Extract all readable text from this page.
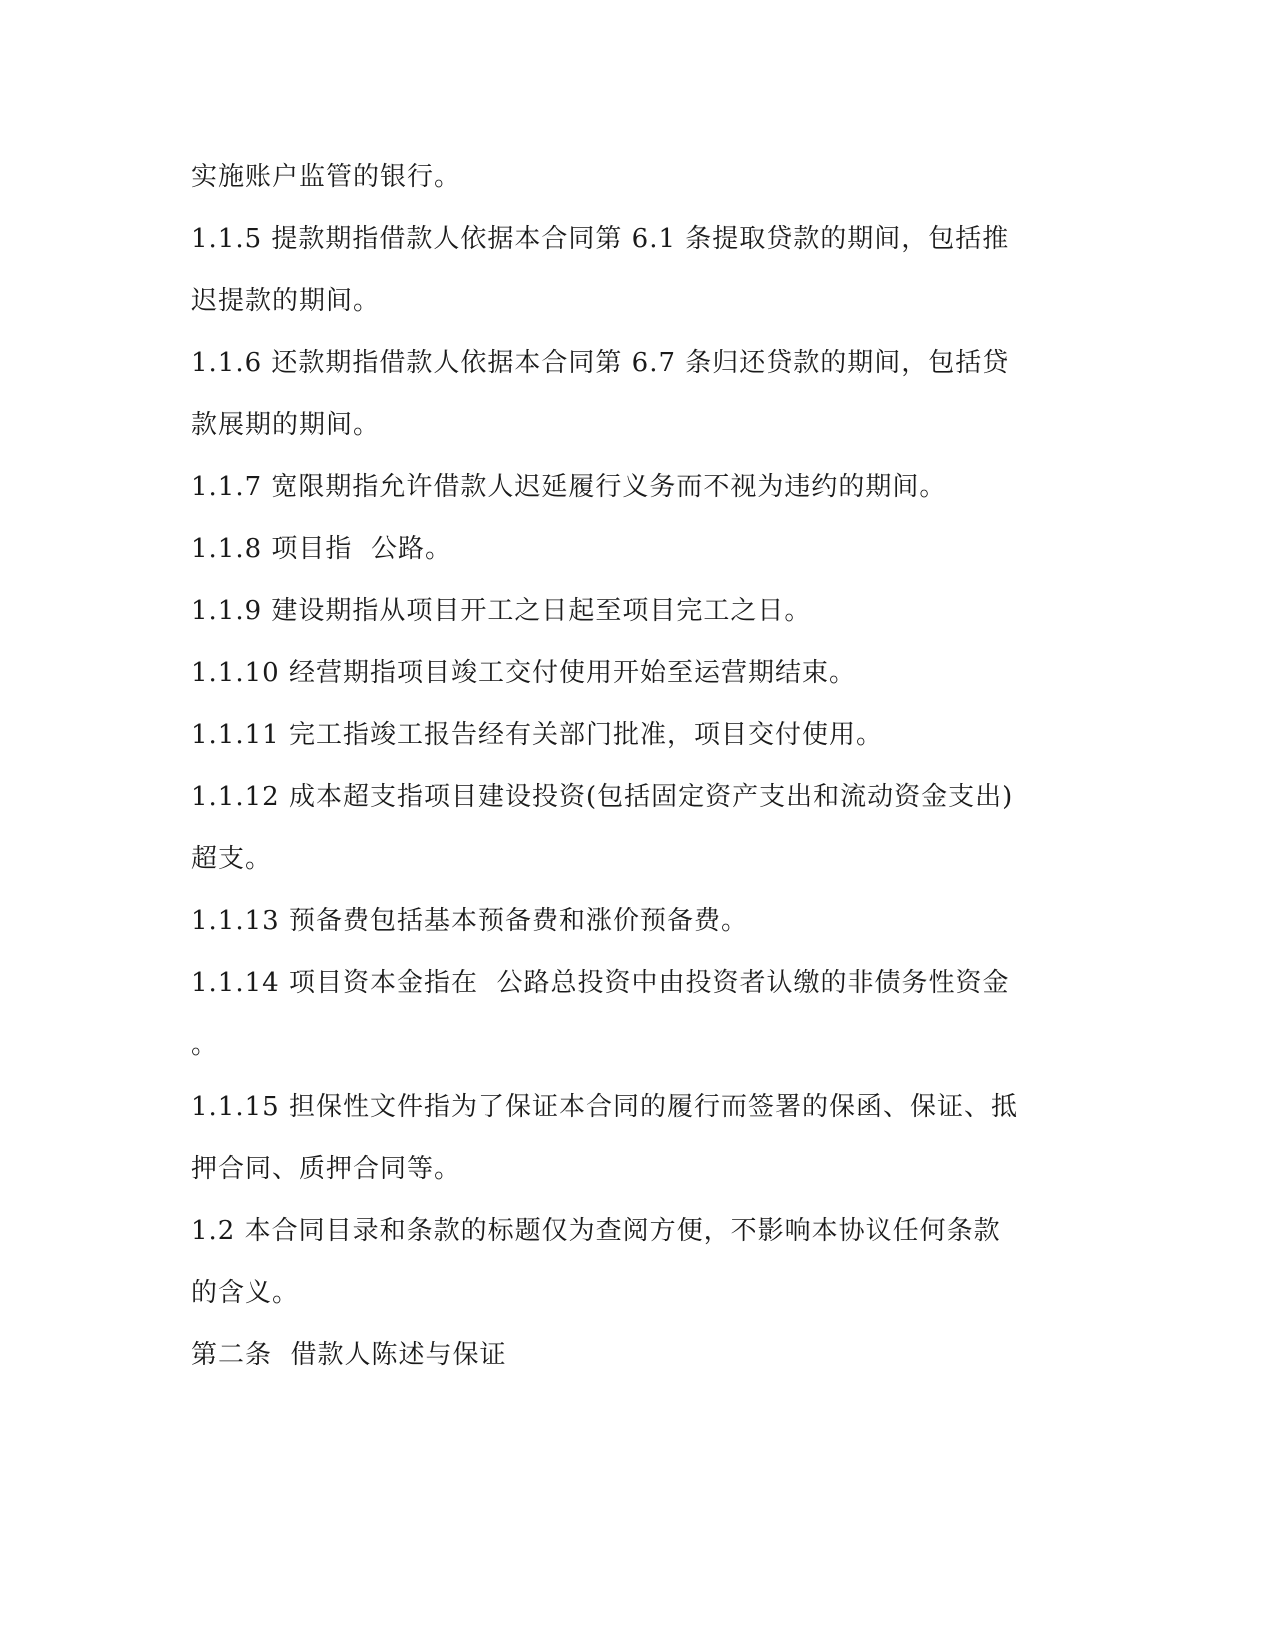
实施账户监管的银行。
1.1.5 提款期指借款人依据本合同第 6.1 条提取贷款的期间，包括推
迟提款的期间。
1.1.6 还款期指借款人依据本合同第 6.7 条归还贷款的期间，包括贷
款展期的期间。
1.1.7 宽限期指允许借款人迟延履行义务而不视为违约的期间。
1.1.8 项目指  公路。
1.1.9 建设期指从项目开工之日起至项目完工之日。
1.1.10 经营期指项目竣工交付使用开始至运营期结束。
1.1.11 完工指竣工报告经有关部门批准，项目交付使用。
1.1.12 成本超支指项目建设投资(包括固定资产支出和流动资金支出)
超支。
1.1.13 预备费包括基本预备费和涨价预备费。
1.1.14 项目资本金指在  公路总投资中由投资者认缴的非债务性资金
。
1.1.15 担保性文件指为了保证本合同的履行而签署的保函、保证、抵
押合同、质押合同等。
1.2 本合同目录和条款的标题仅为查阅方便，不影响本协议任何条款
的含义。
第二条  借款人陈述与保证
